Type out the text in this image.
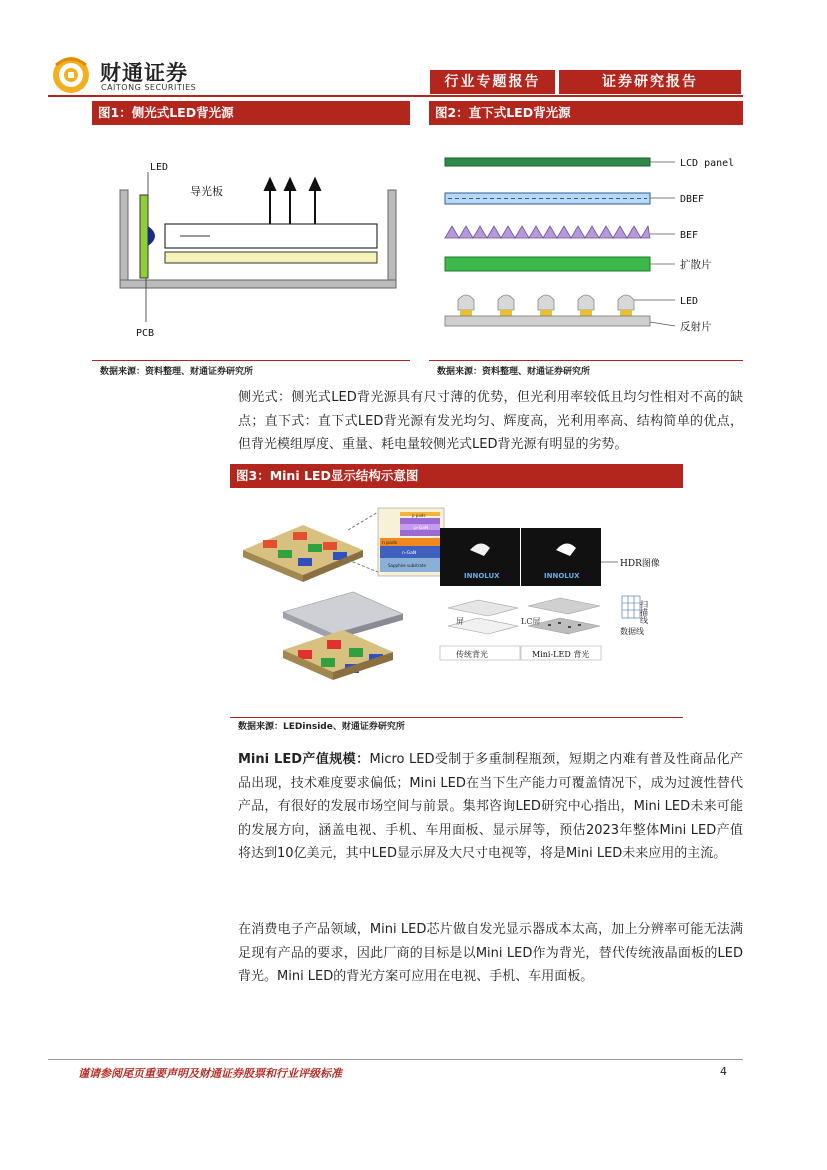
财通证券
CAITONG SECURITIES	行业专题报告	证券研究报告
图1：侧光式LED背光源
LED
导光板
PCB
数据来源：资料整理、财通证券研究所
图2：直下式LED背光源
LCD panel
DBEF
BEF
扩散片
LED
反射片
数据来源：资料整理、财通证券研究所
侧光式：侧光式LED背光源具有尺寸薄的优势，但光利用率较低且均匀性相对不高的缺点；直下式：直下式LED背光源有发光均匀、辉度高，光利用率高、结构简单的优点，但背光模组厚度、重量、耗电量较侧光式LED背光源有明显的劣势。
图3：Mini LED显示结构示意图
p pads
p-GaN
n pads
n-GaN
Sapphire substrate
INNOLUX	INNOLUX
HDR图像
屏	LC屏	扫描线
数据线
传统背光	Mini-LED 背光
数据来源：LEDinside、财通证券研究所
Mini LED产值规模：Micro LED受制于多重制程瓶颈，短期之内难有普及性商品化产品出现，技术难度要求偏低；Mini LED在当下生产能力可覆盖情况下，成为过渡性替代产品，有很好的发展市场空间与前景。集邦咨询LED研究中心指出，Mini LED未来可能的发展方向，涵盖电视、手机、车用面板、显示屏等，预估2023年整体Mini LED产值将达到10亿美元，其中LED显示屏及大尺寸电视等，将是Mini LED未来应用的主流。
在消费电子产品领域，Mini LED芯片做自发光显示器成本太高，加上分辨率可能无法满足现有产品的要求，因此厂商的目标是以Mini LED作为背光，替代传统液晶面板的LED背光。Mini LED的背光方案可应用在电视、手机、车用面板。
谨请参阅尾页重要声明及财通证券股票和行业评级标准	4
